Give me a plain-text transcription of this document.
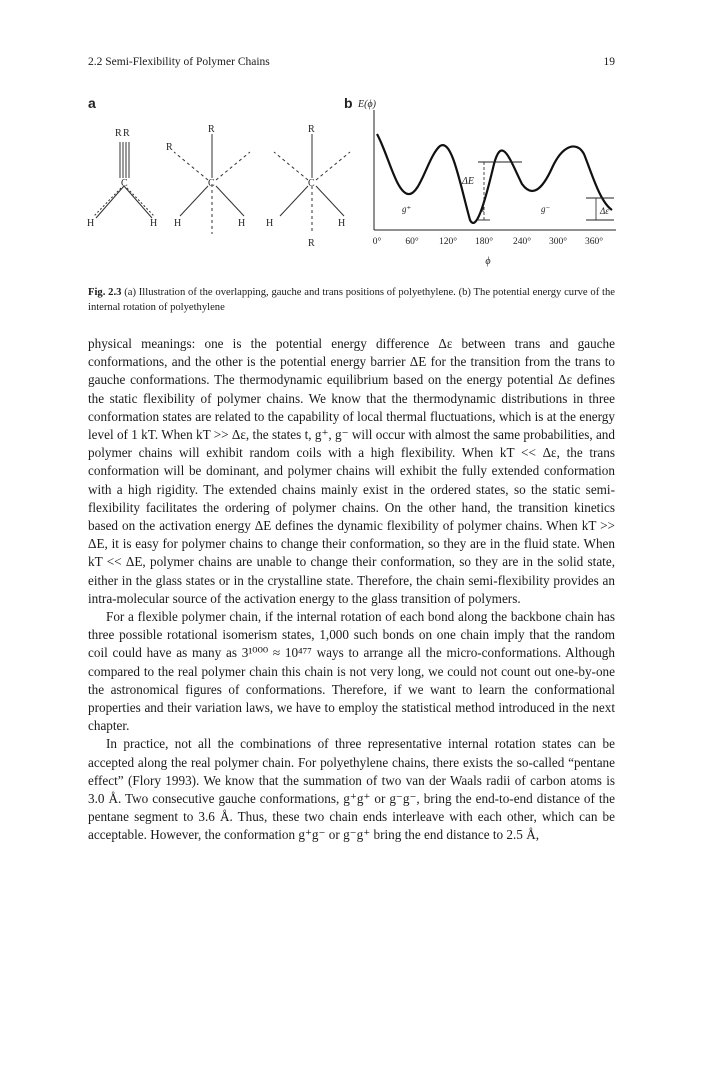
2.2 Semi-Flexibility of Polymer Chains	19
a
R R
C
H	H
R
R
C
H	H
R
C
H	H
R
b E(ϕ)
ΔE
Δε
g⁺	t	g⁻
0°	60° 120° 180° 240° 300° 360°
ϕ
Fig. 2.3 (a) Illustration of the overlapping, gauche and trans positions of polyethylene. (b) The potential energy curve of the internal rotation of polyethylene

physical meanings: one is the potential energy difference Δε between trans and gauche conformations, and the other is the potential energy barrier ΔE for the transition from the trans to gauche conformations. The thermodynamic equilibrium based on the energy potential Δε defines the static flexibility of polymer chains. We know that the thermodynamic distributions in three conformation states are related to the capability of local thermal fluctuations, which is at the energy level of 1 kT. When kT >> Δε, the states t, g⁺, g⁻ will occur with almost the same probabilities, and polymer chains will exhibit random coils with a high flexibility. When kT << Δε, the trans conformation will be dominant, and polymer chains will exhibit the fully extended conformation with a high rigidity. The extended chains mainly exist in the ordered states, so the static semi-flexibility facilitates the ordering of polymer chains. On the other hand, the transition kinetics based on the activation energy ΔE defines the dynamic flexibility of polymer chains. When kT >> ΔE, it is easy for polymer chains to change their conformation, so they are in the fluid state. When kT << ΔE, polymer chains are unable to change their conformation, so they are in the solid state, either in the glass states or in the crystalline state. Therefore, the chain semi-flexibility provides an intra-molecular source of the activation energy to the glass transition of polymers.

For a flexible polymer chain, if the internal rotation of each bond along the backbone chain has three possible rotational isomerism states, 1,000 such bonds on one chain imply that the random coil could have as many as 3¹⁰⁰⁰ ≈ 10⁴⁷⁷ ways to arrange all the micro-conformations. Although compared to the real polymer chain this chain is not very long, we could not count out one-by-one the astronomical figures of conformations. Therefore, if we want to learn the conformational properties and their variation laws, we have to employ the statistical method introduced in the next chapter.

In practice, not all the combinations of three representative internal rotation states can be accepted along the real polymer chain. For polyethylene chains, there exists the so-called “pentane effect” (Flory 1993). We know that the summation of two van der Waals radii of carbon atoms is 3.0 Å. Two consecutive gauche conformations, g⁺g⁺ or g⁻g⁻, bring the end-to-end distance of the pentane segment to 3.6 Å. Thus, these two chain ends interleave with each other, which can be acceptable. However, the conformation g⁺g⁻ or g⁻g⁺ bring the end distance to 2.5 Å,
